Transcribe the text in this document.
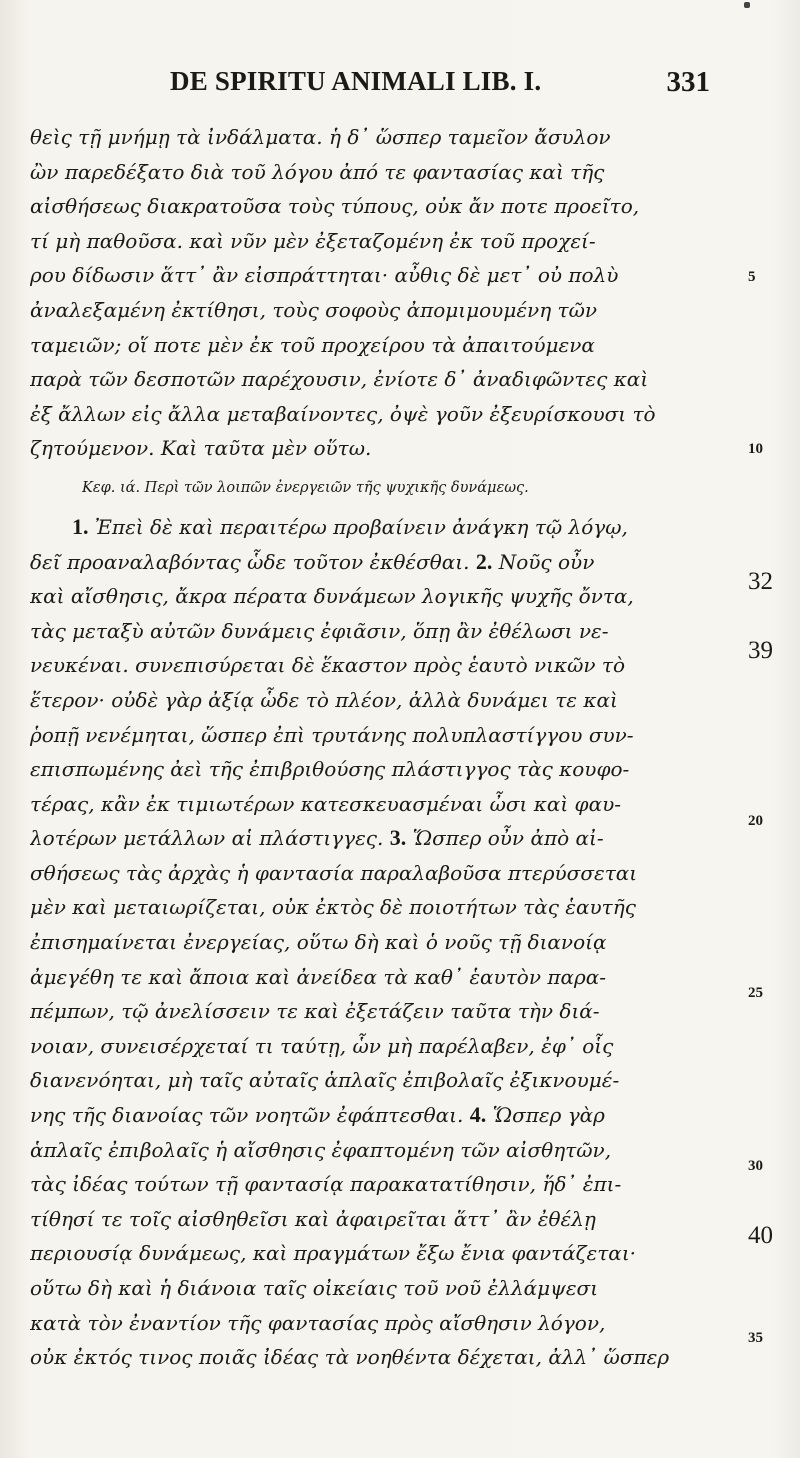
DE SPIRITU ANIMALI LIB. I.	331
θεὶς τῇ μνήμῃ τὰ ἰνδάλματα. ἡ δ᾽ ὥσπερ ταμεῖον ἄσυλον
ὢν παρεδέξατο διὰ τοῦ λόγου ἀπό τε φαντασίας καὶ τῆς
αἰσθήσεως διακρατοῦσα τοὺς τύπους, οὐκ ἄν ποτε προεῖτο,
τί μὴ παθοῦσα. καὶ νῦν μὲν ἐξεταζομένη ἐκ τοῦ προχεί-
ρου δίδωσιν ἅττ᾽ ἂν εἰσπράττηται· αὖθις δὲ μετ᾽ οὐ πολὺ
ἀναλεξαμένη ἐκτίθησι, τοὺς σοφοὺς ἀπομιμουμένη τῶν
ταμειῶν; οἵ ποτε μὲν ἐκ τοῦ προχείρου τὰ ἀπαιτούμενα
παρὰ τῶν δεσποτῶν παρέχουσιν, ἐνίοτε δ᾽ ἀναδιφῶντες καὶ
ἐξ ἄλλων εἰς ἄλλα μεταβαίνοντες, ὀψὲ γοῦν ἐξευρίσκουσι τὸ
ζητούμενον. Καὶ ταῦτα μὲν οὕτω.
Κεφ. ιά. Περὶ τῶν λοιπῶν ἐνεργειῶν τῆς ψυχικῆς δυνάμεως.
1. Ἐπεὶ δὲ καὶ περαιτέρω προβαίνειν ἀνάγκη τῷ λόγῳ,
δεῖ προαναλαβόντας ὧδε τοῦτον ἐκθέσθαι. 2. Νοῦς οὖν
καὶ αἴσθησις, ἄκρα πέρατα δυνάμεων λογικῆς ψυχῆς ὄντα,
τὰς μεταξὺ αὐτῶν δυνάμεις ἐφιᾶσιν, ὅπῃ ἂν ἐθέλωσι νε-
νευκέναι. συνεπισύρεται δὲ ἕκαστον πρὸς ἑαυτὸ νικῶν τὸ
ἕτερον· οὐδὲ γὰρ ἀξίᾳ ὧδε τὸ πλέον, ἀλλὰ δυνάμει τε καὶ
ῥοπῇ νενέμηται, ὥσπερ ἐπὶ τρυτάνης πολυπλαστίγγου συν-
επισπωμένης ἀεὶ τῆς ἐπιβριθούσης πλάστιγγος τὰς κουφο-
τέρας, κἂν ἐκ τιμιωτέρων κατεσκευασμέναι ὦσι καὶ φαυ-
λοτέρων μετάλλων αἱ πλάστιγγες. 3. Ὥσπερ οὖν ἀπὸ αἰ-
σθήσεως τὰς ἀρχὰς ἡ φαντασία παραλαβοῦσα πτερύσσεται
μὲν καὶ μεταιωρίζεται, οὐκ ἐκτὸς δὲ ποιοτήτων τὰς ἑαυτῆς
ἐπισημαίνεται ἐνεργείας, οὕτω δὴ καὶ ὁ νοῦς τῇ διανοίᾳ
ἀμεγέθη τε καὶ ἄποια καὶ ἀνείδεα τὰ καθ᾽ ἑαυτὸν παρα-
πέμπων, τῷ ἀνελίσσειν τε καὶ ἐξετάζειν ταῦτα τὴν διά-
νοιαν, συνεισέρχεταί τι ταύτῃ, ὧν μὴ παρέλαβεν, ἐφ᾽ οἷς
διανενόηται, μὴ ταῖς αὐταῖς ἁπλαῖς ἐπιβολαῖς ἐξικνουμέ-
νης τῆς διανοίας τῶν νοητῶν ἐφάπτεσθαι. 4. Ὥσπερ γὰρ
ἁπλαῖς ἐπιβολαῖς ἡ αἴσθησις ἐφαπτομένη τῶν αἰσθητῶν,
τὰς ἰδέας τούτων τῇ φαντασίᾳ παρακατατίθησιν, ἥδ᾽ ἐπι-
τίθησί τε τοῖς αἰσθηθεῖσι καὶ ἀφαιρεῖται ἅττ᾽ ἂν ἐθέλῃ
περιουσίᾳ δυνάμεως, καὶ πραγμάτων ἔξω ἔνια φαντάζεται·
οὕτω δὴ καὶ ἡ διάνοια ταῖς οἰκείαις τοῦ νοῦ ἐλλάμψεσι
κατὰ τὸν ἐναντίον τῆς φαντασίας πρὸς αἴσθησιν λόγον,
οὐκ ἐκτός τινος ποιᾶς ἰδέας τὰ νοηθέντα δέχεται, ἀλλ᾽ ὥσπερ
5
10
20
25
30
35
32
39
40
